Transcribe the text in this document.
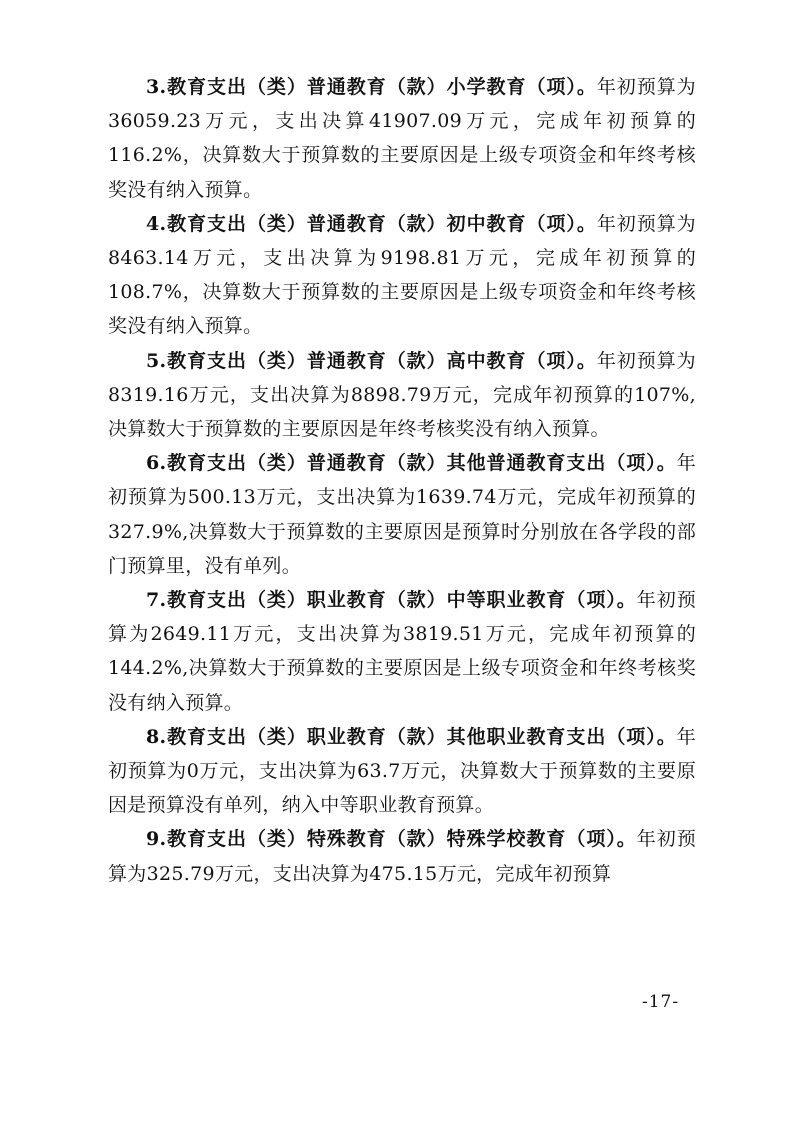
3.教育支出（类）普通教育（款）小学教育（项）。年初预算为36059.23万元，支出决算41907.09万元，完成年初预算的116.2%，决算数大于预算数的主要原因是上级专项资金和年终考核奖没有纳入预算。

4.教育支出（类）普通教育（款）初中教育（项）。年初预算为8463.14万元，支出决算为9198.81万元，完成年初预算的108.7%，决算数大于预算数的主要原因是上级专项资金和年终考核奖没有纳入预算。

5.教育支出（类）普通教育（款）高中教育（项）。年初预算为8319.16万元，支出决算为8898.79万元，完成年初预算的107%,决算数大于预算数的主要原因是年终考核奖没有纳入预算。

6.教育支出（类）普通教育（款）其他普通教育支出（项）。年初预算为500.13万元，支出决算为1639.74万元，完成年初预算的327.9%,决算数大于预算数的主要原因是预算时分别放在各学段的部门预算里，没有单列。

7.教育支出（类）职业教育（款）中等职业教育（项）。年初预算为2649.11万元，支出决算为3819.51万元，完成年初预算的144.2%,决算数大于预算数的主要原因是上级专项资金和年终考核奖没有纳入预算。

8.教育支出（类）职业教育（款）其他职业教育支出（项）。年初预算为0万元，支出决算为63.7万元，决算数大于预算数的主要原因是预算没有单列，纳入中等职业教育预算。

9.教育支出（类）特殊教育（款）特殊学校教育（项）。年初预算为325.79万元，支出决算为475.15万元，完成年初预算

-17-
